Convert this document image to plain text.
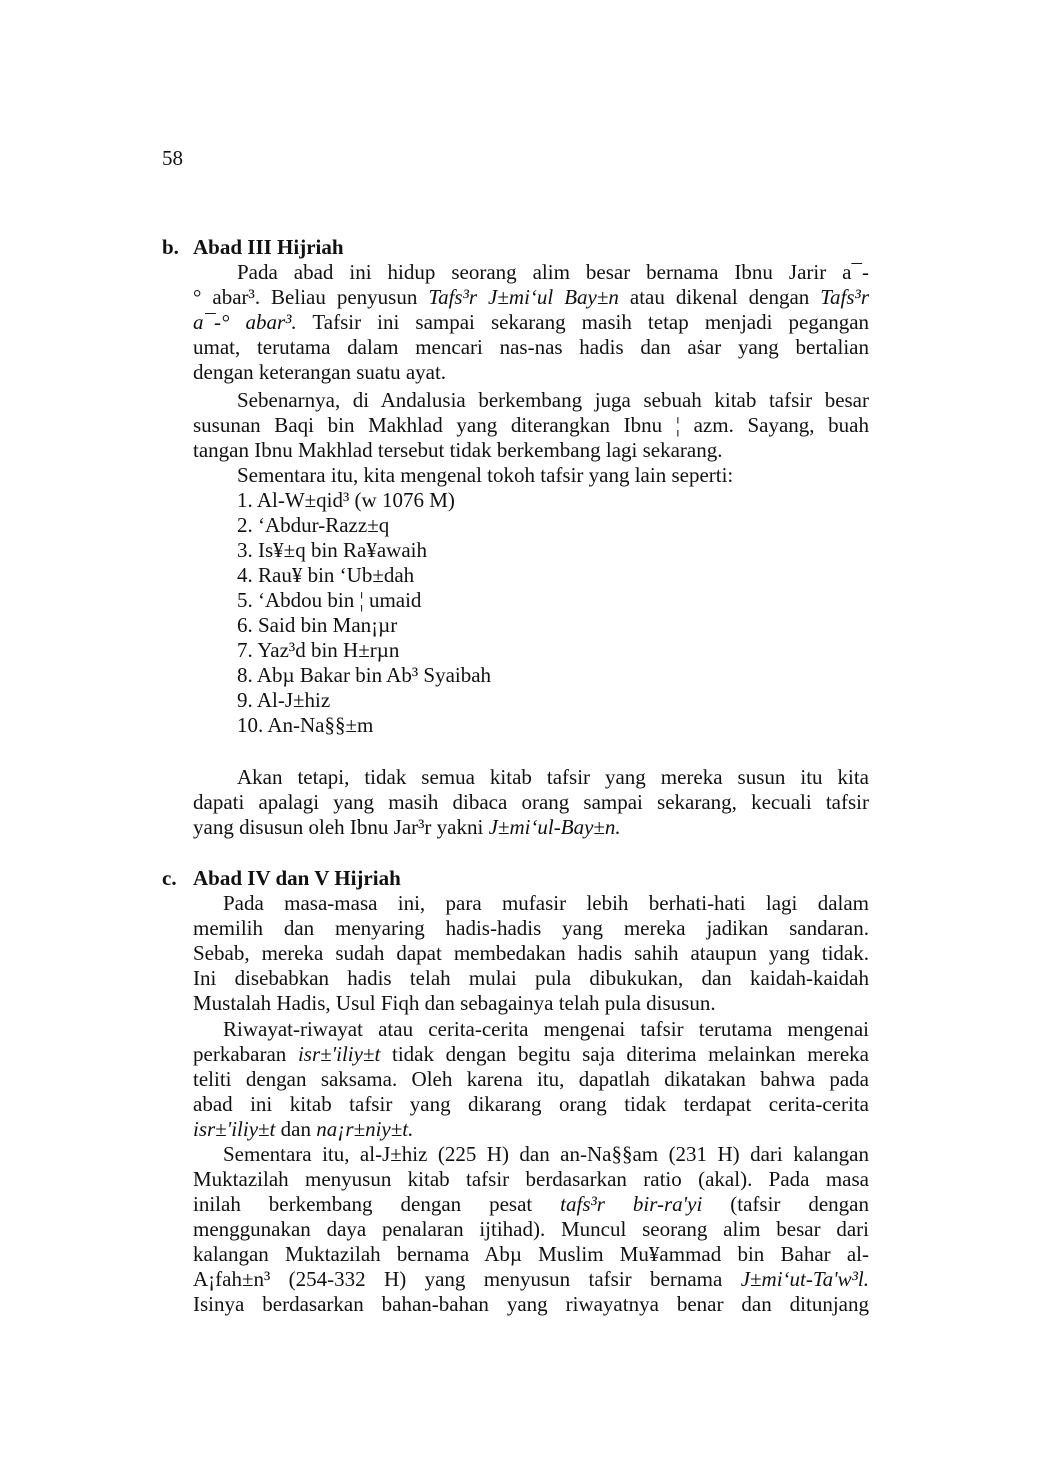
58
b. Abad III Hijriah
Pada abad ini hidup seorang alim besar bernama Ibnu Jarir a¯-
° abar³. Beliau penyusun Tafs³r J±mi‘ul Bay±n atau dikenal dengan Tafs³r
a¯-° abar³. Tafsir ini sampai sekarang masih tetap menjadi pegangan
umat, terutama dalam mencari nas-nas hadis dan aṡar yang bertalian
dengan keterangan suatu ayat.
Sebenarnya, di Andalusia berkembang juga sebuah kitab tafsir besar
susunan Baqi bin Makhlad yang diterangkan Ibnu ¦ azm. Sayang, buah
tangan Ibnu Makhlad tersebut tidak berkembang lagi sekarang.
Sementara itu, kita mengenal tokoh tafsir yang lain seperti:
1. Al-W±qid³ (w 1076 M)
2. ‘Abdur-Razz±q
3. Is¥±q bin Ra¥awaih
4. Rau¥ bin ‘Ub±dah
5. ‘Abdou bin ¦ umaid
6. Said bin Man¡µr
7. Yaz³d bin H±rµn
8. Abµ Bakar bin Ab³ Syaibah
9. Al-J±hiz
10. An-Na§§±m
Akan tetapi, tidak semua kitab tafsir yang mereka susun itu kita
dapati apalagi yang masih dibaca orang sampai sekarang, kecuali tafsir
yang disusun oleh Ibnu Jar³r yakni J±mi‘ul-Bay±n.
c. Abad IV dan V Hijriah
Pada masa-masa ini, para mufasir lebih berhati-hati lagi dalam
memilih dan menyaring hadis-hadis yang mereka jadikan sandaran.
Sebab, mereka sudah dapat membedakan hadis sahih ataupun yang tidak.
Ini disebabkan hadis telah mulai pula dibukukan, dan kaidah-kaidah
Mustalah Hadis, Usul Fiqh dan sebagainya telah pula disusun.
Riwayat-riwayat atau cerita-cerita mengenai tafsir terutama mengenai
perkabaran isr±'iliy±t tidak dengan begitu saja diterima melainkan mereka
teliti dengan saksama. Oleh karena itu, dapatlah dikatakan bahwa pada
abad ini kitab tafsir yang dikarang orang tidak terdapat cerita-cerita
isr±'iliy±t dan na¡r±niy±t.
Sementara itu, al-J±hiz (225 H) dan an-Na§§am (231 H) dari kalangan
Muktazilah menyusun kitab tafsir berdasarkan ratio (akal). Pada masa
inilah berkembang dengan pesat tafs³r bir-ra'yi (tafsir dengan
menggunakan daya penalaran ijtihad). Muncul seorang alim besar dari
kalangan Muktazilah bernama Abµ Muslim Mu¥ammad bin Bahar al-
A¡fah±n³ (254-332 H) yang menyusun tafsir bernama J±mi‘ut-Ta'w³l.
Isinya berdasarkan bahan-bahan yang riwayatnya benar dan ditunjang
